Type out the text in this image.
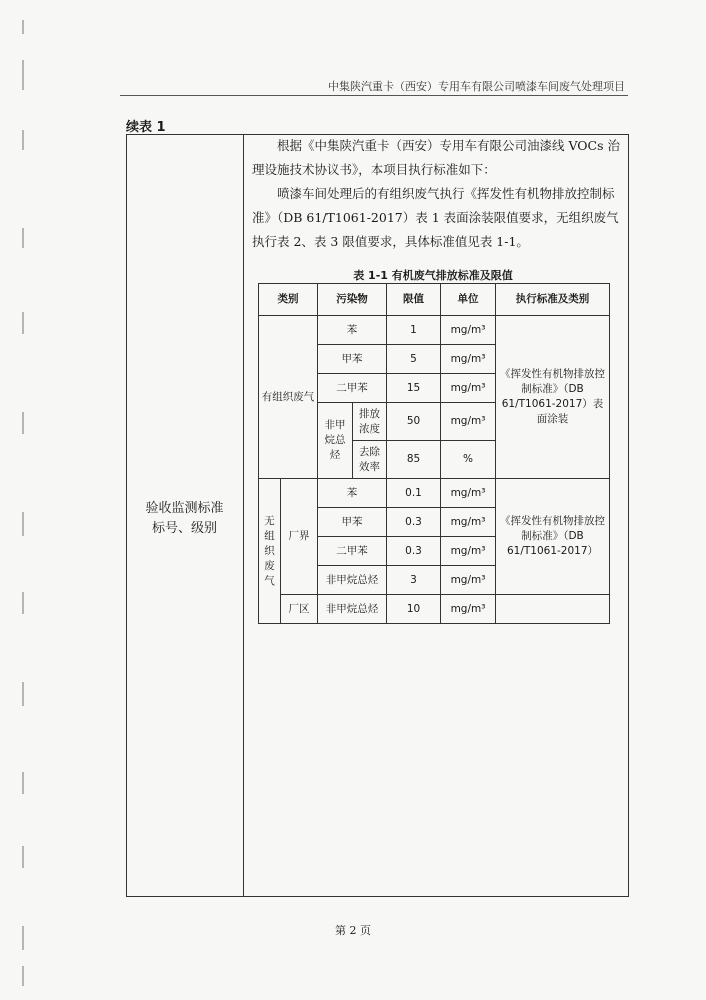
中集陕汽重卡（西安）专用车有限公司喷漆车间废气处理项目
续表 1
验收监测标准
标号、级别
根据《中集陕汽重卡（西安）专用车有限公司油漆线 VOCs 治理设施技术协议书》，本项目执行标准如下：
喷漆车间处理后的有组织废气执行《挥发性有机物排放控制标准》（DB 61/T1061-2017）表 1 表面涂装限值要求，无组织废气执行表 2、表 3 限值要求，具体标准值见表 1-1。
表 1-1 有机废气排放标准及限值
类别		污染物		限值	单位	执行标准及类别
有组织废气		苯		1	mg/m³	《挥发性有机物排放控制标准》（DB 61/T1061-2017）表面涂装
		甲苯		5	mg/m³	
		二甲苯		15	mg/m³	
		非甲烷总烃	排放浓度	50	mg/m³	
			去除效率	85	%	
无组织废气	厂界	苯		0.1	mg/m³	《挥发性有机物排放控制标准》（DB 61/T1061-2017）
		甲苯		0.3	mg/m³	
		二甲苯		0.3	mg/m³	
		非甲烷总烃		3	mg/m³	
	厂区	非甲烷总烃		10	mg/m³	
第 2 页
